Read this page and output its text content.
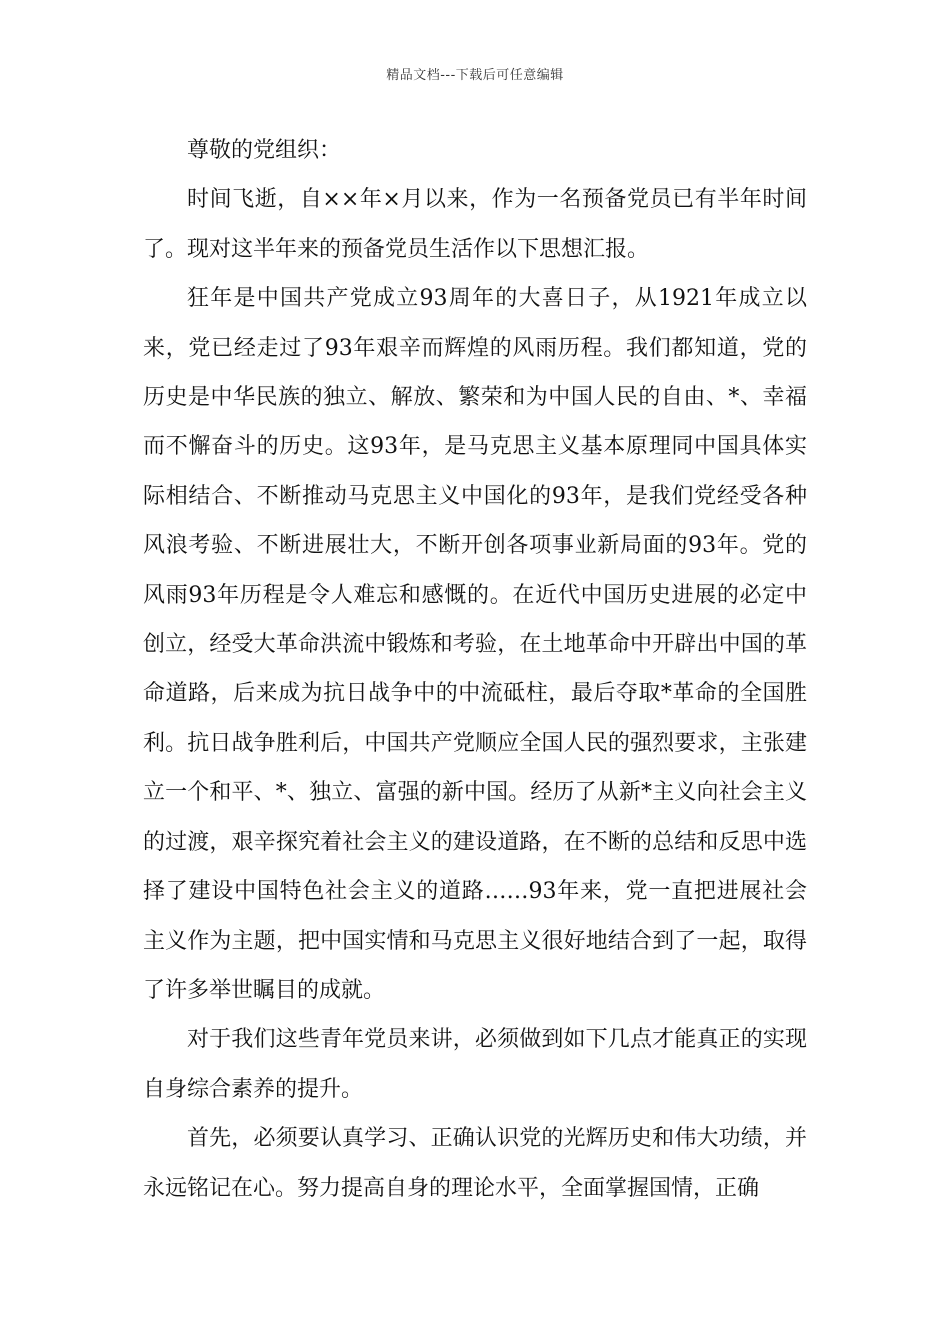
精品文档---下载后可任意编辑

尊敬的党组织：

时间飞逝，自××年×月以来，作为一名预备党员已有半年时间了。现对这半年来的预备党员生活作以下思想汇报。

狂年是中国共产党成立93周年的大喜日子，从1921年成立以来，党已经走过了93年艰辛而辉煌的风雨历程。我们都知道，党的历史是中华民族的独立、解放、繁荣和为中国人民的自由、*、幸福而不懈奋斗的历史。这93年，是马克思主义基本原理同中国具体实际相结合、不断推动马克思主义中国化的93年，是我们党经受各种风浪考验、不断进展壮大，不断开创各项事业新局面的93年。党的风雨93年历程是令人难忘和感慨的。在近代中国历史进展的必定中创立，经受大革命洪流中锻炼和考验，在土地革命中开辟出中国的革命道路，后来成为抗日战争中的中流砥柱，最后夺取*革命的全国胜利。抗日战争胜利后，中国共产党顺应全国人民的强烈要求，主张建立一个和平、*、独立、富强的新中国。经历了从新*主义向社会主义的过渡，艰辛探究着社会主义的建设道路，在不断的总结和反思中选择了建设中国特色社会主义的道路……93年来，党一直把进展社会主义作为主题，把中国实情和马克思主义很好地结合到了一起，取得了许多举世瞩目的成就。

对于我们这些青年党员来讲，必须做到如下几点才能真正的实现自身综合素养的提升。

首先，必须要认真学习、正确认识党的光辉历史和伟大功绩，并永远铭记在心。努力提高自身的理论水平，全面掌握国情，正确
